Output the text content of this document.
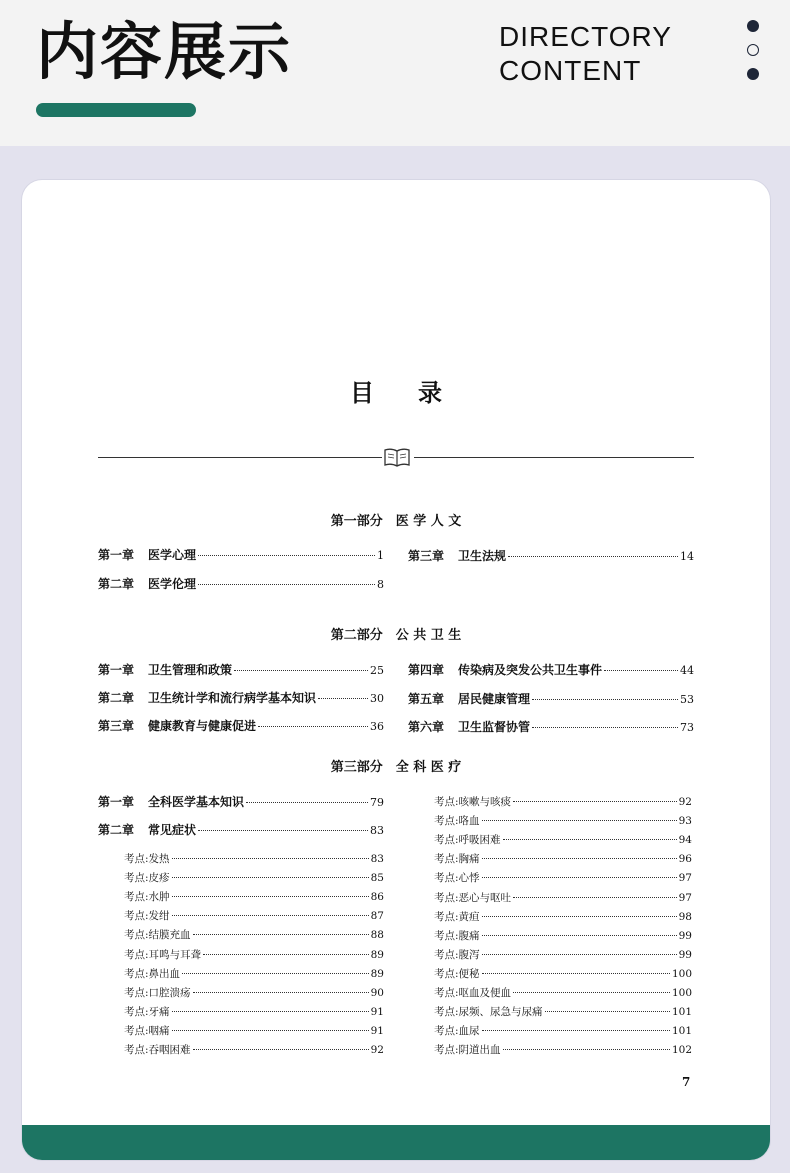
内容展示	DIRECTORY
CONTENT
目录
第一部分　医 学 人 文
第一章	医学心理	1
第二章	医学伦理	8
第三章	卫生法规	14
第二部分　公 共 卫 生
第一章	卫生管理和政策	25
第二章	卫生统计学和流行病学基本知识	30
第三章	健康教育与健康促进	36
第四章	传染病及突发公共卫生事件	44
第五章	居民健康管理	53
第六章	卫生监督协管	73
第三部分　全 科 医 疗
第一章	全科医学基本知识	79
第二章	常见症状	83
考点:发热	83
考点:皮疹	85
考点:水肿	86
考点:发绀	87
考点:结膜充血	88
考点:耳鸣与耳聋	89
考点:鼻出血	89
考点:口腔溃疡	90
考点:牙痛	91
考点:咽痛	91
考点:吞咽困难	92
考点:咳嗽与咳痰	92
考点:咯血	93
考点:呼吸困难	94
考点:胸痛	96
考点:心悸	97
考点:恶心与呕吐	97
考点:黄疸	98
考点:腹痛	99
考点:腹泻	99
考点:便秘	100
考点:呕血及便血	100
考点:尿频、尿急与尿痛	101
考点:血尿	101
考点:阴道出血	102
7
